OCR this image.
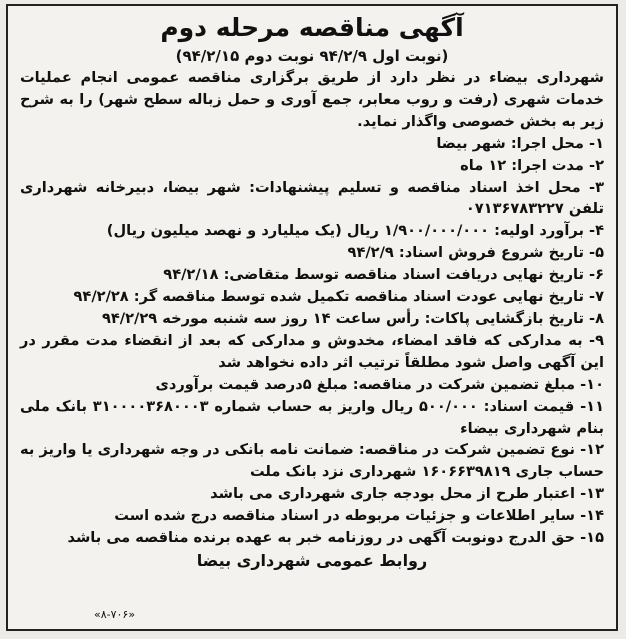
آگهی مناقصه مرحله دوم
(نوبت اول ۹۴/۲/۹ نوبت دوم ۹۴/۲/۱۵)

شهرداری بیضاء در نظر دارد از طریق برگزاری مناقصه عمومی انجام عملیات خدمات شهری (رفت و روب معابر، جمع آوری و حمل زباله سطح شهر) را به شرح زیر به بخش خصوصی واگذار نماید.

۱- محل اجرا: شهر بیضا

۲- مدت اجرا: ۱۲ ماه

۳- محل اخذ اسناد مناقصه و تسلیم پیشنهادات: شهر بیضا، دبیرخانه شهرداری تلفن ۰۷۱۳۶۷۸۳۲۲۷

۴- برآورد اولیه: ۱/۹۰۰/۰۰۰/۰۰۰ ریال (یک میلیارد و نهصد میلیون ریال)

۵- تاریخ شروع فروش اسناد: ۹۴/۲/۹

۶- تاریخ نهایی دریافت اسناد مناقصه توسط متقاضی: ۹۴/۲/۱۸

۷- تاریخ نهایی عودت اسناد مناقصه تکمیل شده توسط مناقصه گر: ۹۴/۲/۲۸

۸- تاریخ بازگشایی پاکات: رأس ساعت ۱۴ روز سه شنبه مورخه ۹۴/۲/۲۹

۹- به مدارکی که فاقد امضاء، مخدوش و مدارکی که بعد از انقضاء مدت مقرر در این آگهی واصل شود مطلقاً ترتیب اثر داده نخواهد شد

۱۰- مبلغ تضمین شرکت در مناقصه: مبلغ ۵درصد قیمت برآوردی

۱۱- قیمت اسناد: ۵۰۰/۰۰۰ ریال واریز به حساب شماره ۳۱۰۰۰۰۳۶۸۰۰۰۳ بانک ملی بنام شهرداری بیضاء

۱۲- نوع تضمین شرکت در مناقصه: ضمانت نامه بانکی در وجه شهرداری یا واریز به حساب جاری ۱۶۰۶۶۳۹۸۱۹ شهرداری نزد بانک ملت

۱۳- اعتبار طرح از محل بودجه جاری شهرداری می باشد

۱۴- سایر اطلاعات و جزئیات مربوطه در اسناد مناقصه درج شده است

۱۵- حق الدرج دونوبت آگهی در روزنامه خبر به عهده برنده مناقصه می باشد

روابط عمومی شهرداری بیضا
«۸-۷۰۶»
